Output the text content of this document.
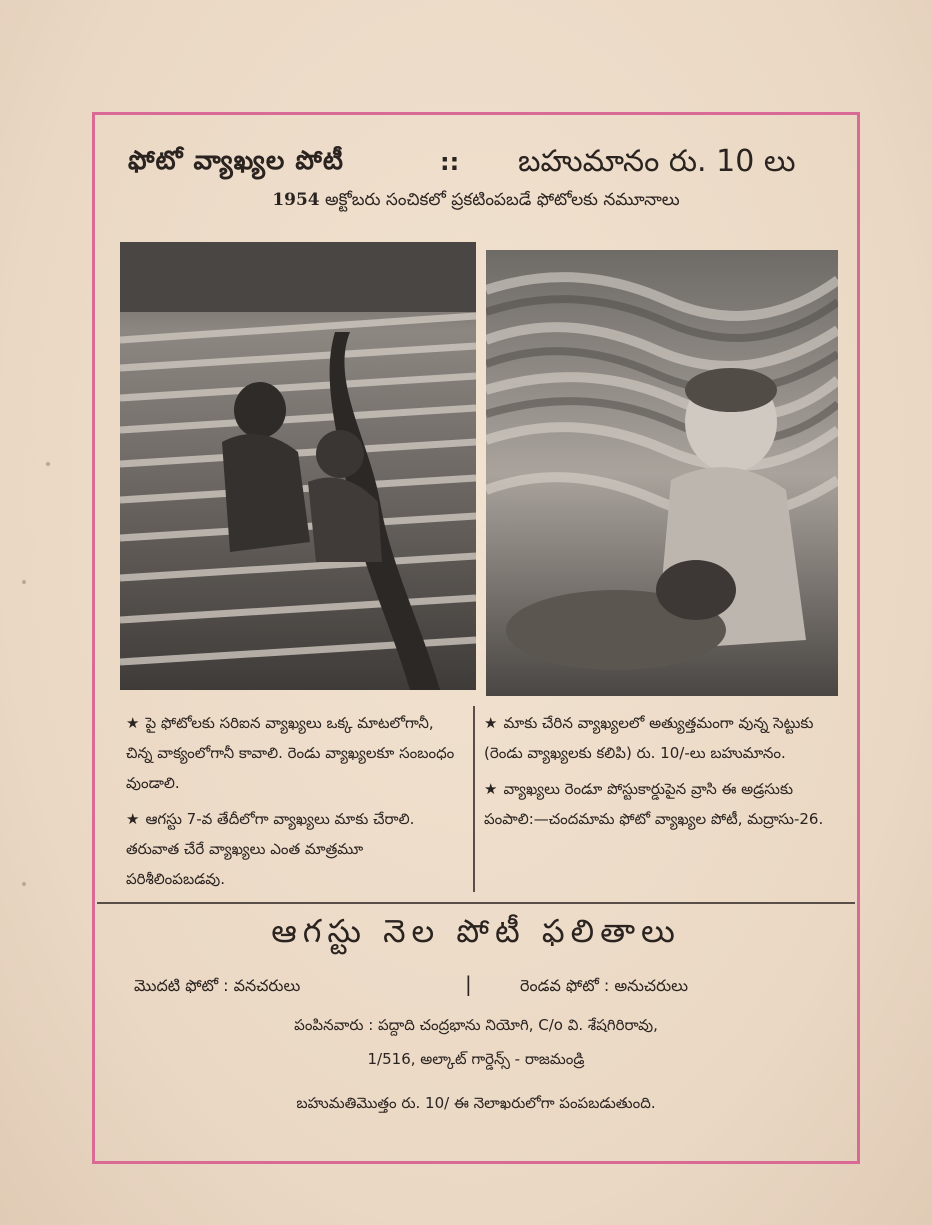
ఫోటో వ్యాఖ్యల పోటీ	:: బహుమానం రు. 10 లు
1954 అక్టోబరు సంచికలో ప్రకటింపబడే ఫోటోలకు నమూనాలు

★ పై ఫోటోలకు సరిఐన వ్యాఖ్యలు ఒక్క మాటలోగానీ, చిన్న వాక్యంలోగానీ కావాలి. రెండు వ్యాఖ్యలకూ సంబంధం వుండాలి.

★ ఆగస్టు 7-వ తేదీలోగా వ్యాఖ్యలు మాకు చేరాలి. తరువాత చేరే వ్యాఖ్యలు ఎంత మాత్రమూ పరిశీలింపబడవు.

★ మాకు చేరిన వ్యాఖ్యలలో అత్యుత్తమంగా వున్న సెట్టుకు (రెండు వ్యాఖ్యలకు కలిపి) రు. 10/-లు బహుమానం.

★ వ్యాఖ్యలు రెండూ పోస్టుకార్డుపైన వ్రాసి ఈ అడ్రసుకు పంపాలి:—చందమామ ఫోటో వ్యాఖ్యల పోటీ, మద్రాసు-26.

ఆగస్టు నెల పోటీ ఫలితాలు
మొదటి ఫోటో : వనచరులు	|	రెండవ ఫోటో : అనుచరులు
పంపినవారు : పద్దాది చంద్రభాను నియోగి, C/o వి. శేషగిరిరావు,
1/516, అల్కాట్ గార్డెన్స్ - రాజమండ్రి
బహుమతిమొత్తం రు. 10/ ఈ నెలాఖరులోగా పంపబడుతుంది.
